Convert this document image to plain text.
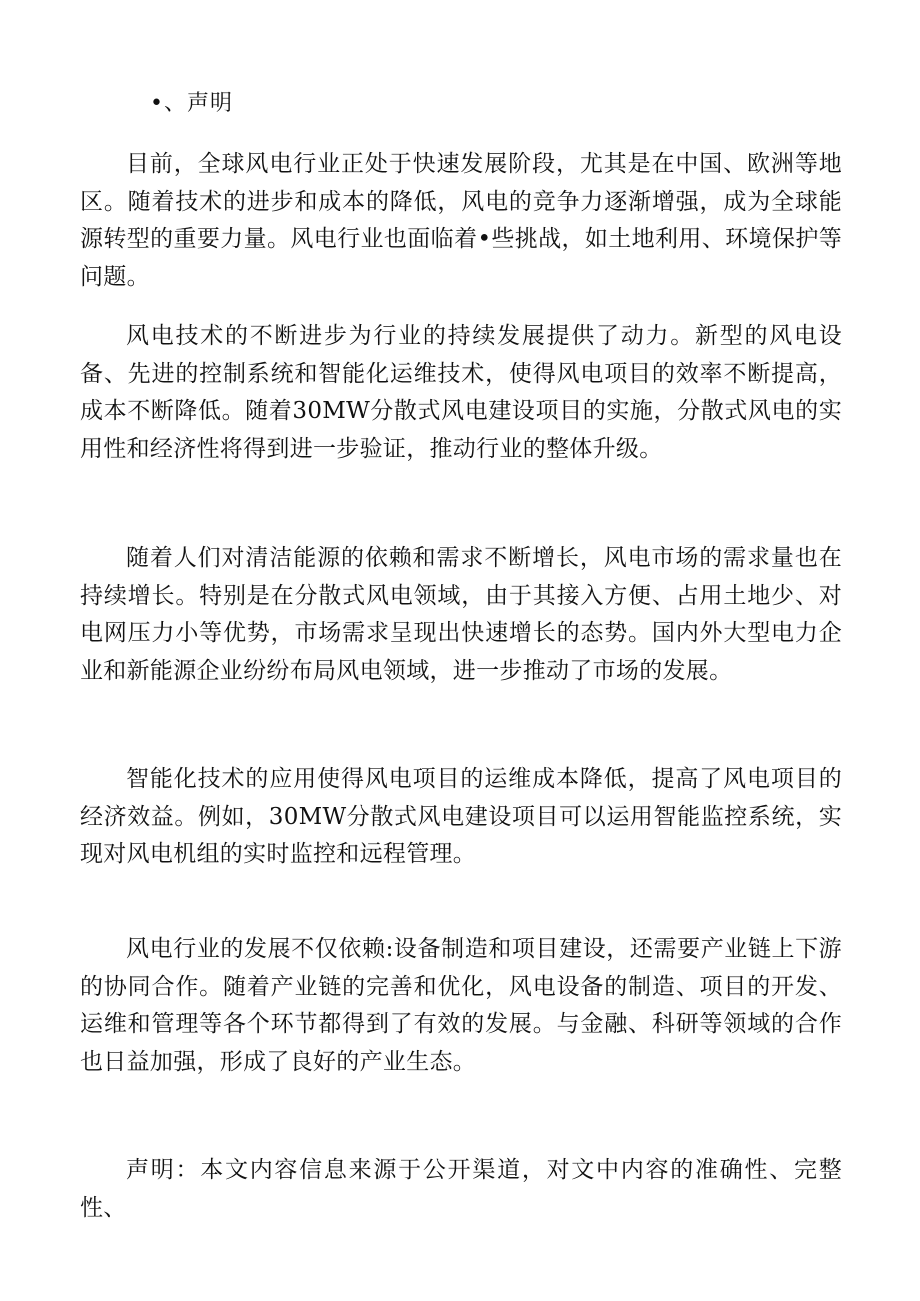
•、声明

目前，全球风电行业正处于快速发展阶段，尤其是在中国、欧洲等地区。随着技术的进步和成本的降低，风电的竞争力逐渐增强，成为全球能源转型的重要力量。风电行业也面临着•些挑战，如土地利用、环境保护等问题。

风电技术的不断进步为行业的持续发展提供了动力。新型的风电设备、先进的控制系统和智能化运维技术，使得风电项目的效率不断提高，成本不断降低。随着30MW分散式风电建设项目的实施，分散式风电的实用性和经济性将得到进一步验证，推动行业的整体升级。

随着人们对清洁能源的依赖和需求不断增长，风电市场的需求量也在持续增长。特别是在分散式风电领域，由于其接入方便、占用土地少、对电网压力小等优势，市场需求呈现出快速增长的态势。国内外大型电力企业和新能源企业纷纷布局风电领域，进一步推动了市场的发展。

智能化技术的应用使得风电项目的运维成本降低，提高了风电项目的经济效益。例如，30MW分散式风电建设项目可以运用智能监控系统，实现对风电机组的实时监控和远程管理。

风电行业的发展不仅依赖:设备制造和项目建设，还需要产业链上下游的协同合作。随着产业链的完善和优化，风电设备的制造、项目的开发、运维和管理等各个环节都得到了有效的发展。与金融、科研等领域的合作也日益加强，形成了良好的产业生态。

声明：本文内容信息来源于公开渠道，对文中内容的准确性、完整性、
